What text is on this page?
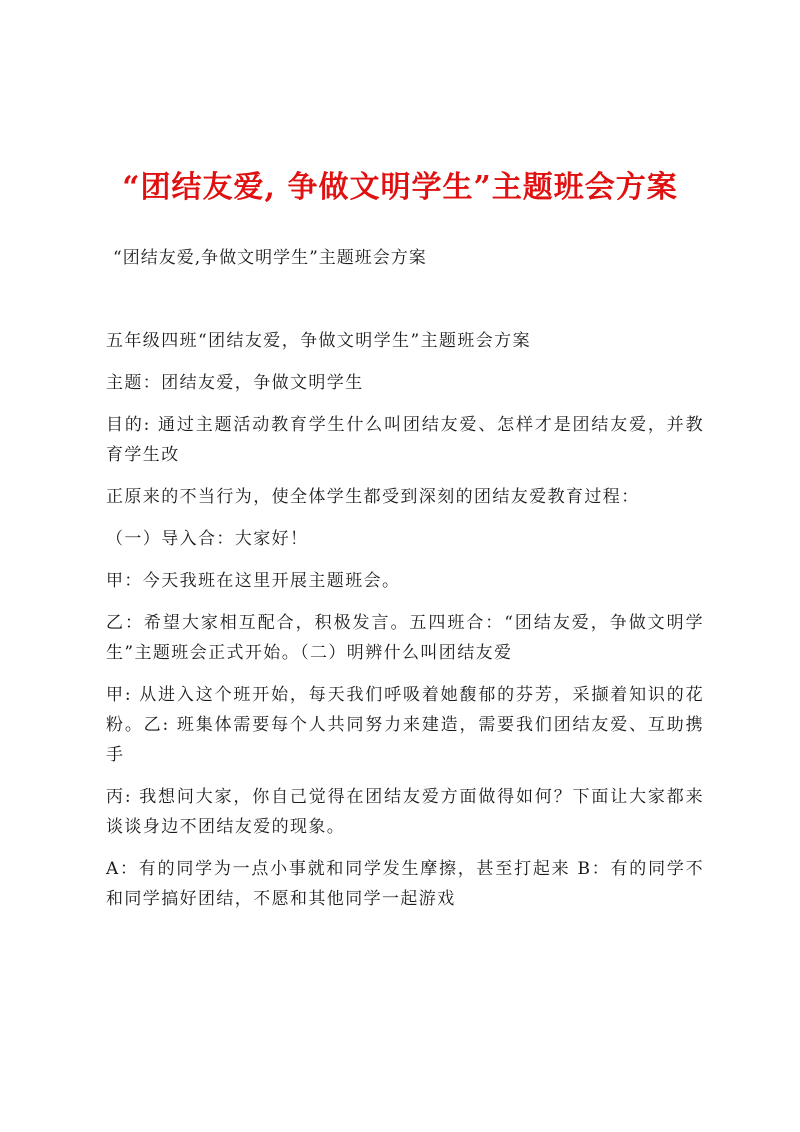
“团结友爱, 争做文明学生”主题班会方案

“团结友爱,争做文明学生”主题班会方案

五年级四班“团结友爱，争做文明学生”主题班会方案

主题：团结友爱，争做文明学生

目的: 通过主题活动教育学生什么叫团结友爱、怎样才是团结友爱，并教育学生改

正原来的不当行为，使全体学生都受到深刻的团结友爱教育过程：

（一）导入合：大家好！

甲：今天我班在这里开展主题班会。

乙：希望大家相互配合，积极发言。五四班合：“团结友爱，争做文明学生”主题班会正式开始。（二）明辨什么叫团结友爱

甲: 从进入这个班开始，每天我们呼吸着她馥郁的芬芳，采撷着知识的花粉。乙: 班集体需要每个人共同努力来建造，需要我们团结友爱、互助携手

丙: 我想问大家，你自己觉得在团结友爱方面做得如何？下面让大家都来谈谈身边不团结友爱的现象。

A：有的同学为一点小事就和同学发生摩擦，甚至打起来 B：有的同学不和同学搞好团结，不愿和其他同学一起游戏
